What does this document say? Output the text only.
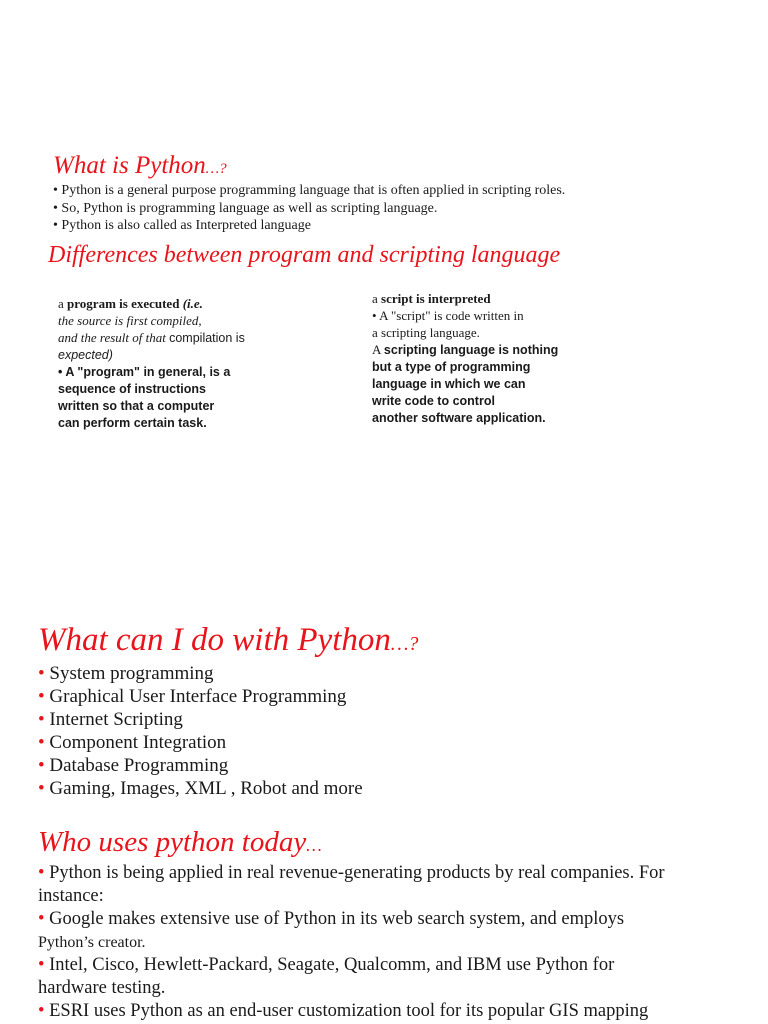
What is Python…?
• Python is a general purpose programming language that is often applied in scripting roles.
• So, Python is programming language as well as scripting language.
• Python is also called as Interpreted language
Differences between program and scripting language
a program is executed (i.e.
the source is first compiled,
and the result of that compilation is
expected)
• A "program" in general, is a
sequence of instructions
written so that a computer
can perform certain task.
a script is interpreted
• A "script" is code written in
a scripting language.
A scripting language is nothing
but a type of programming
language in which we can
write code to control
another software application.
What can I do with Python…?
• System programming
• Graphical User Interface Programming
• Internet Scripting
• Component Integration
• Database Programming
• Gaming, Images, XML , Robot and more
Who uses python today…
• Python is being applied in real revenue-generating products by real companies. For
instance:
• Google makes extensive use of Python in its web search system, and employs
Python’s creator.
• Intel, Cisco, Hewlett-Packard, Seagate, Qualcomm, and IBM use Python for
hardware testing.
• ESRI uses Python as an end-user customization tool for its popular GIS mapping
